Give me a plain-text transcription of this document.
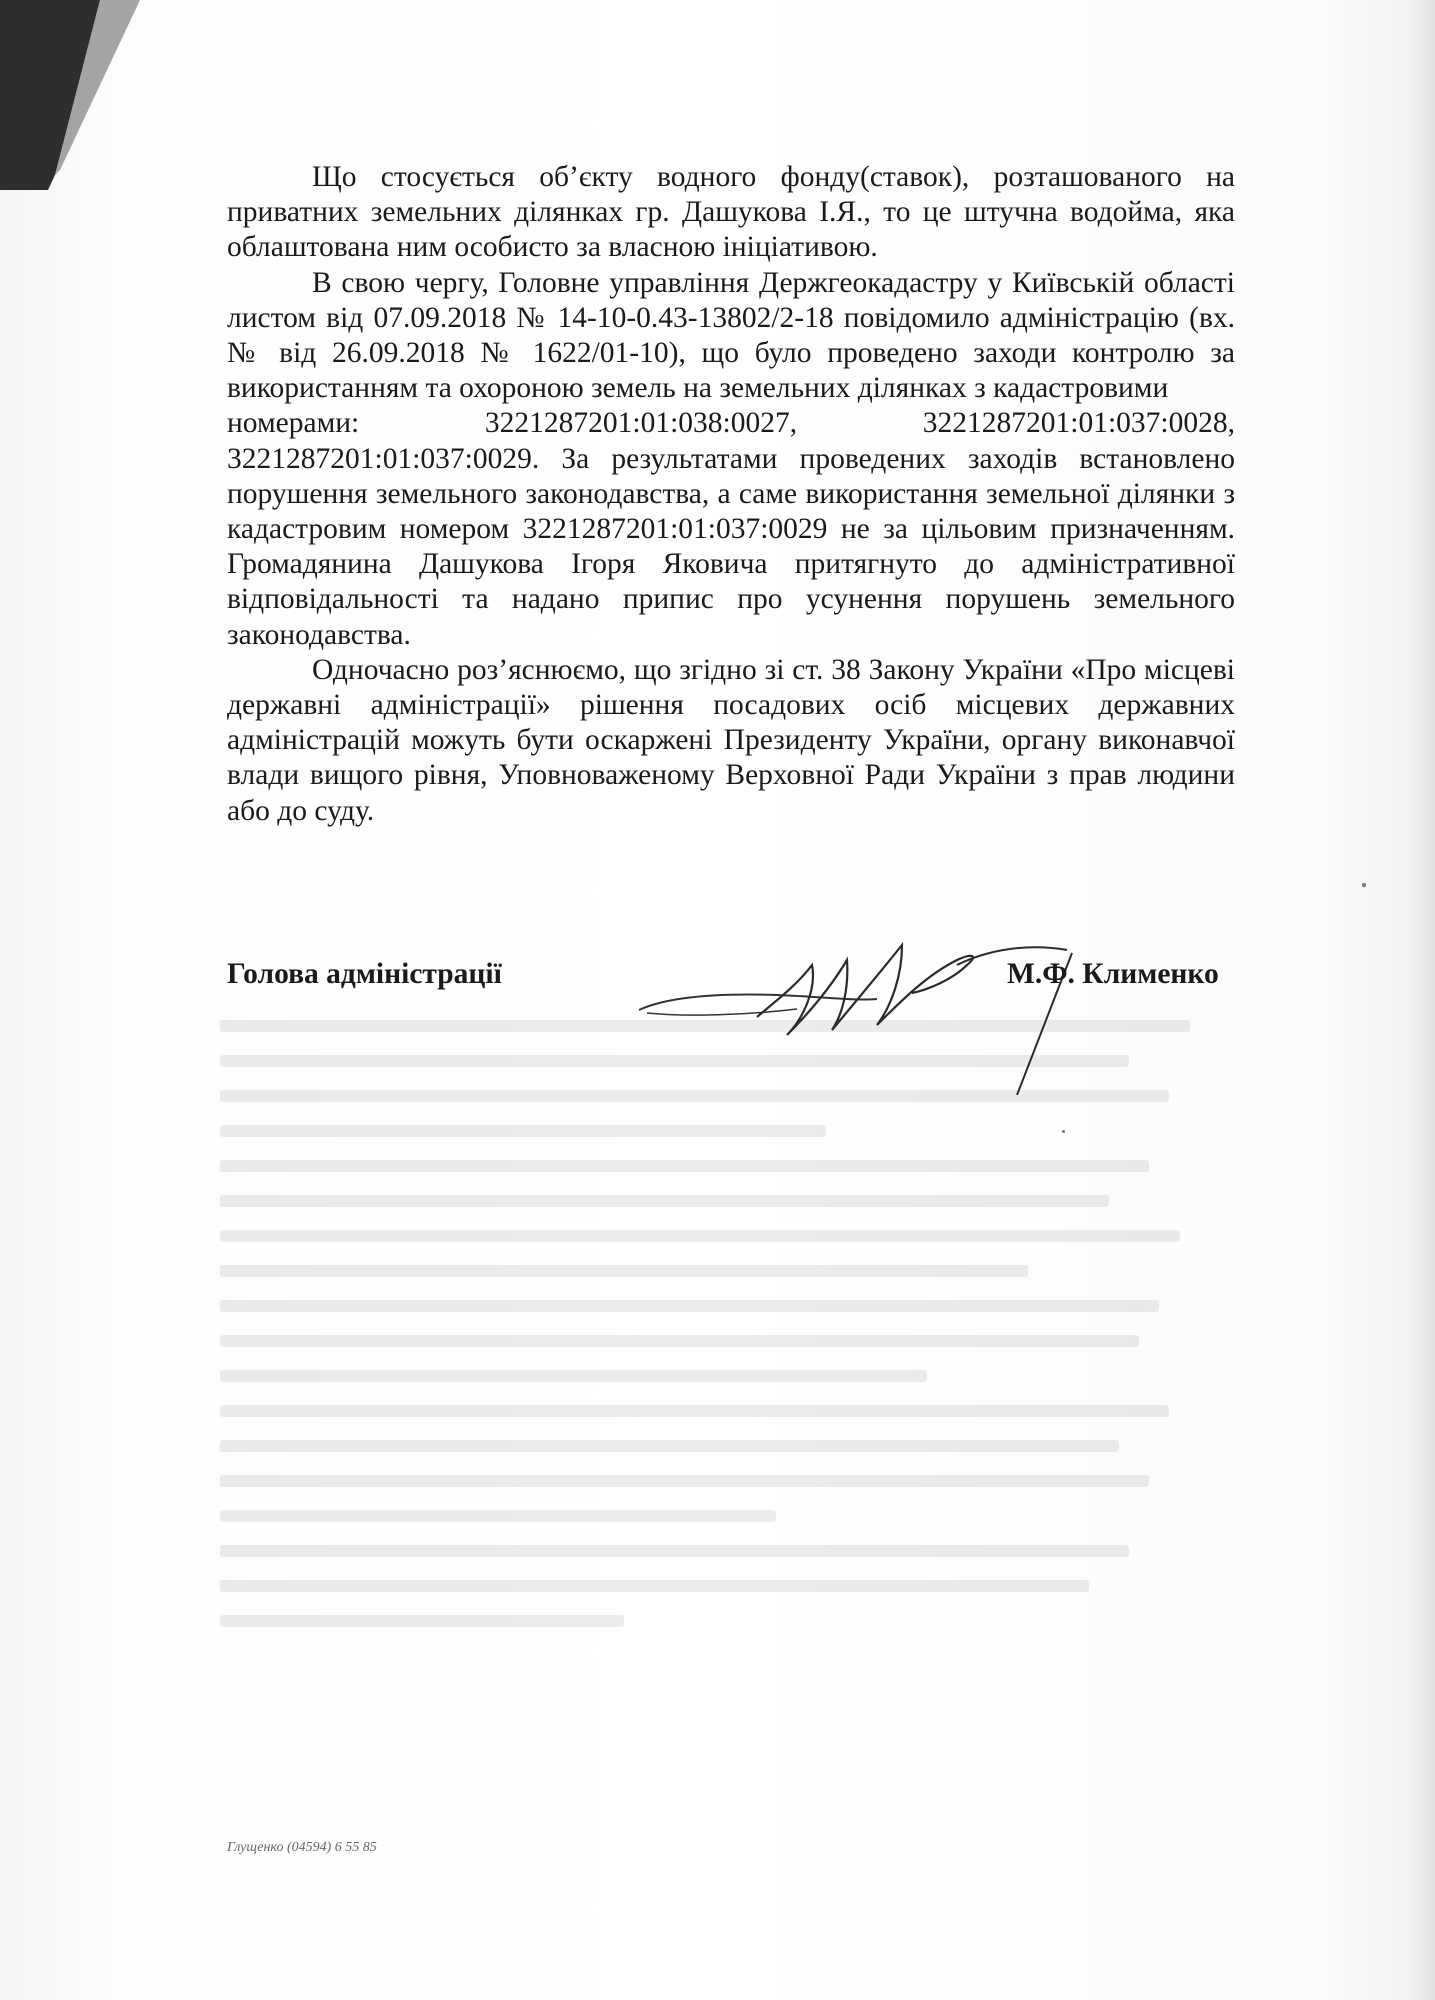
Що стосується об’єкту водного фонду(ставок), розташованого на приватних земельних ділянках гр. Дашукова І.Я., то це штучна водойма, яка облаштована ним особисто за власною ініціативою.

В свою чергу, Головне управління Держгеокадастру у Київській області листом від 07.09.2018 № 14-10-0.43-13802/2-18 повідомило адміністрацію (вх. № від 26.09.2018 № 1622/01-10), що було проведено заходи контролю за використанням та охороною земель на земельних ділянках з кадастровими

номерами:	3221287201:01:038:0027,	3221287201:01:037:0028,

3221287201:01:037:0029. За результатами проведених заходів встановлено порушення земельного законодавства, а саме використання земельної ділянки з кадастровим номером 3221287201:01:037:0029 не за цільовим призначенням. Громадянина Дашукова Ігоря Яковича притягнуто до адміністративної відповідальності та надано припис про усунення порушень земельного законодавства.

Одночасно роз’яснюємо, що згідно зі ст. 38 Закону України «Про місцеві державні адміністрації» рішення посадових осіб місцевих державних адміністрацій можуть бути оскаржені Президенту України, органу виконавчої влади вищого рівня, Уповноваженому Верховної Ради України з прав людини або до суду.

Голова адміністрації	М.Ф. Клименко
Глущенко (04594) 6 55 85
